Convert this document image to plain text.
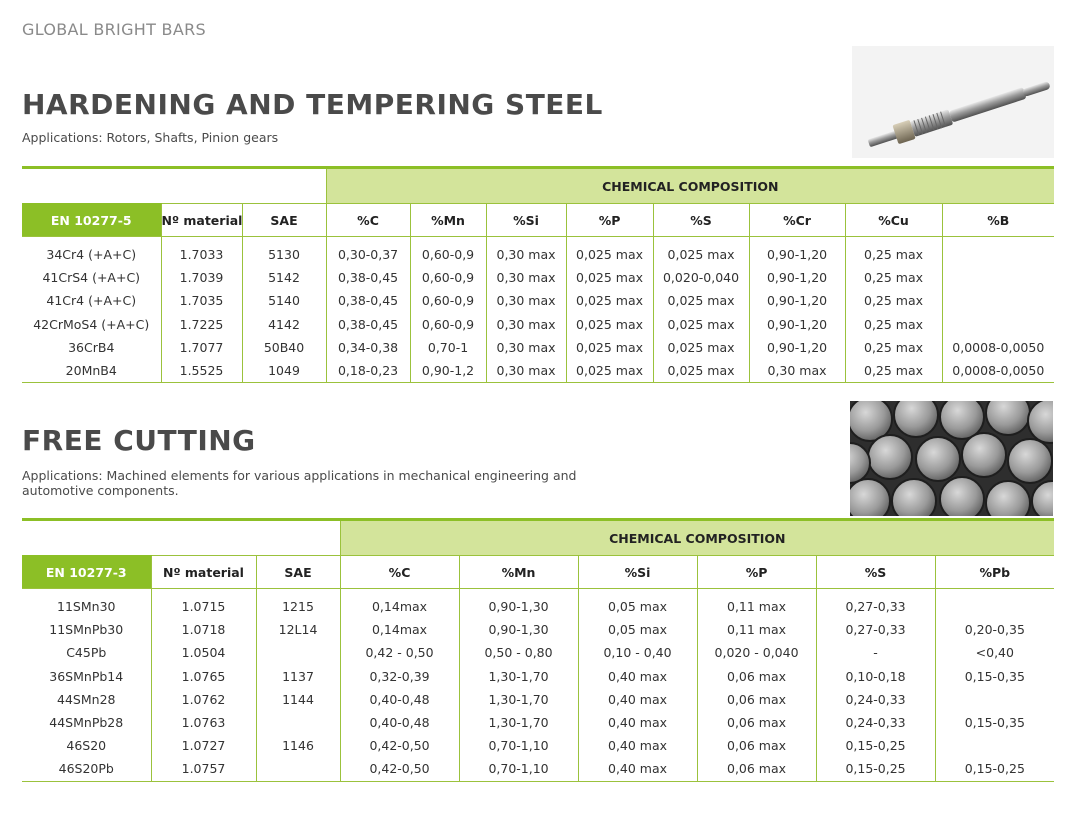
GLOBAL BRIGHT BARS
HARDENING AND TEMPERING STEEL
Applications: Rotors, Shafts, Pinion gears
			CHEMICAL COMPOSITION							
EN 10277-5	Nº material	SAE	%C	%Mn	%Si	%P	%S	%Cr	%Cu	%B

34Cr4 (+A+C)	1.7033	5130	0,30-0,37	0,60-0,9	0,30 max	0,025 max	0,025 max	0,90-1,20	0,25 max	
41CrS4 (+A+C)	1.7039	5142	0,38-0,45	0,60-0,9	0,30 max	0,025 max	0,020-0,040	0,90-1,20	0,25 max	
41Cr4 (+A+C)	1.7035	5140	0,38-0,45	0,60-0,9	0,30 max	0,025 max	0,025 max	0,90-1,20	0,25 max	
42CrMoS4 (+A+C)	1.7225	4142	0,38-0,45	0,60-0,9	0,30 max	0,025 max	0,025 max	0,90-1,20	0,25 max	
36CrB4	1.7077	50B40	0,34-0,38	0,70-1	0,30 max	0,025 max	0,025 max	0,90-1,20	0,25 max	0,0008-0,0050
20MnB4	1.5525	1049	0,18-0,23	0,90-1,2	0,30 max	0,025 max	0,025 max	0,30 max	0,25 max	0,0008-0,0050
FREE CUTTING
Applications: Machined elements for various applications in mechanical engineering and automotive components.
			CHEMICAL COMPOSITION					
EN 10277-3	Nº material	SAE	%C	%Mn	%Si	%P	%S	%Pb

11SMn30	1.0715	1215	0,14max	0,90-1,30	0,05 max	0,11 max	0,27-0,33	
11SMnPb30	1.0718	12L14	0,14max	0,90-1,30	0,05 max	0,11 max	0,27-0,33	0,20-0,35
C45Pb	1.0504		0,42 - 0,50	0,50 - 0,80	0,10 - 0,40	0,020 - 0,040	-	<0,40
36SMnPb14	1.0765	1137	0,32-0,39	1,30-1,70	0,40 max	0,06 max	0,10-0,18	0,15-0,35
44SMn28	1.0762	1144	0,40-0,48	1,30-1,70	0,40 max	0,06 max	0,24-0,33	
44SMnPb28	1.0763		0,40-0,48	1,30-1,70	0,40 max	0,06 max	0,24-0,33	0,15-0,35
46S20	1.0727	1146	0,42-0,50	0,70-1,10	0,40 max	0,06 max	0,15-0,25	
46S20Pb	1.0757		0,42-0,50	0,70-1,10	0,40 max	0,06 max	0,15-0,25	0,15-0,25
